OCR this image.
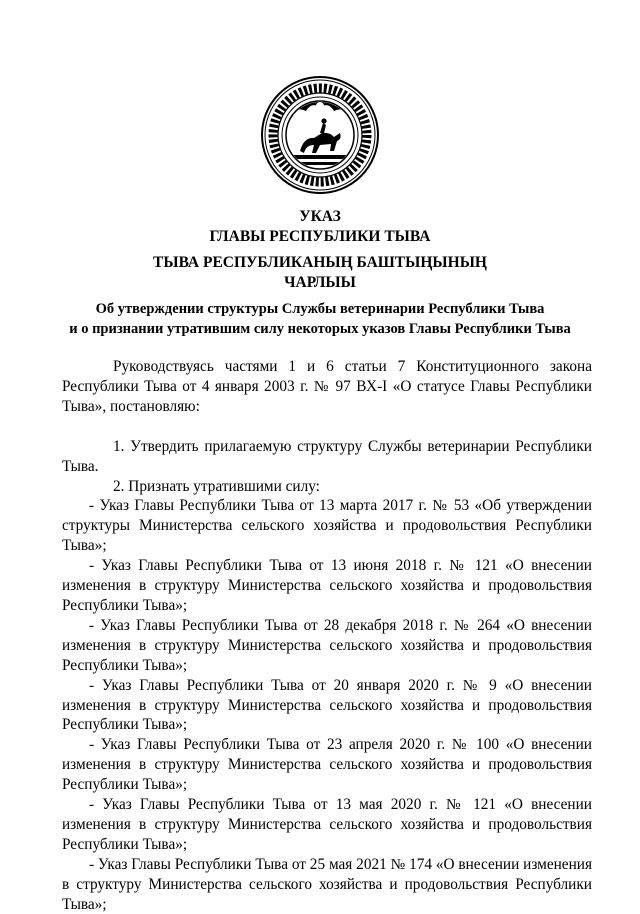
УКАЗ
ГЛАВЫ РЕСПУБЛИКИ ТЫВА
ТЫВА РЕСПУБЛИКАНЫҢ БАШТЫҢЫНЫҢ
ЧАРЛЫЫ
Об утверждении структуры Службы ветеринарии Республики Тыва
и о признании утратившим силу некоторых указов Главы Республики Тыва

Руководствуясь частями 1 и 6 статьи 7 Конституционного закона Республики Тыва от 4 января 2003 г. № 97 ВХ-I «О статусе Главы Республики Тыва», постановляю:

1. Утвердить прилагаемую структуру Службы ветеринарии Республики Тыва.

2. Признать утратившими силу:

- Указ Главы Республики Тыва от 13 марта 2017 г. № 53 «Об утверждении структуры Министерства сельского хозяйства и продовольствия Республики Тыва»;

- Указ Главы Республики Тыва от 13 июня 2018 г. № 121 «О внесении изменения в структуру Министерства сельского хозяйства и продовольствия Республики Тыва»;

- Указ Главы Республики Тыва от 28 декабря 2018 г. № 264 «О внесении изменения в структуру Министерства сельского хозяйства и продовольствия Республики Тыва»;

- Указ Главы Республики Тыва от 20 января 2020 г. № 9 «О внесении изменения в структуру Министерства сельского хозяйства и продовольствия Республики Тыва»;

- Указ Главы Республики Тыва от 23 апреля 2020 г. № 100 «О внесении изменения в структуру Министерства сельского хозяйства и продовольствия Республики Тыва»;

- Указ Главы Республики Тыва от 13 мая 2020 г. № 121 «О внесении изменения в структуру Министерства сельского хозяйства и продовольствия Республики Тыва»;

- Указ Главы Республики Тыва от 25 мая 2021 № 174 «О внесении изменения в структуру Министерства сельского хозяйства и продовольствия Республики Тыва»;
